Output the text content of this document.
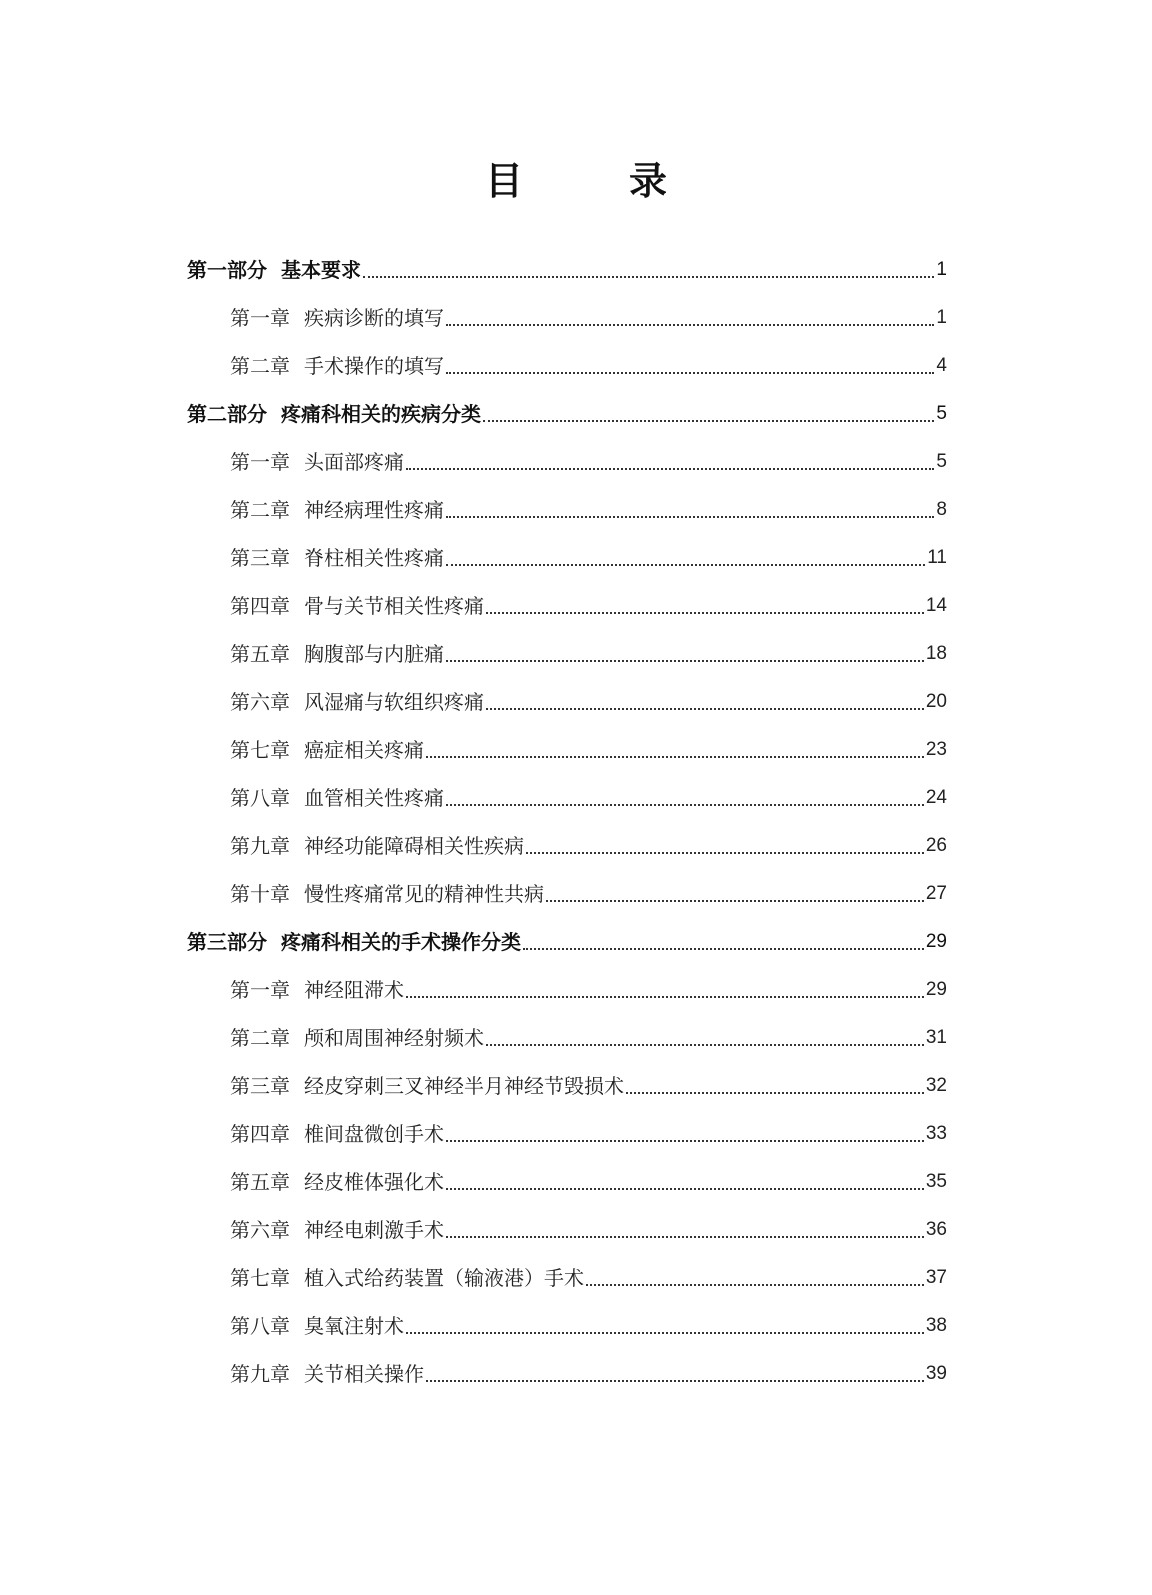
目　录
第一部分 基本要求	1
第一章 疾病诊断的填写	1
第二章 手术操作的填写	4
第二部分 疼痛科相关的疾病分类	5
第一章 头面部疼痛	5
第二章 神经病理性疼痛	8
第三章 脊柱相关性疼痛	11
第四章 骨与关节相关性疼痛	14
第五章 胸腹部与内脏痛	18
第六章 风湿痛与软组织疼痛	20
第七章 癌症相关疼痛	23
第八章 血管相关性疼痛	24
第九章 神经功能障碍相关性疾病	26
第十章 慢性疼痛常见的精神性共病	27
第三部分 疼痛科相关的手术操作分类	29
第一章 神经阻滞术	29
第二章 颅和周围神经射频术	31
第三章 经皮穿刺三叉神经半月神经节毁损术	32
第四章 椎间盘微创手术	33
第五章 经皮椎体强化术	35
第六章 神经电刺激手术	36
第七章 植入式给药装置（输液港）手术	37
第八章 臭氧注射术	38
第九章 关节相关操作	39
